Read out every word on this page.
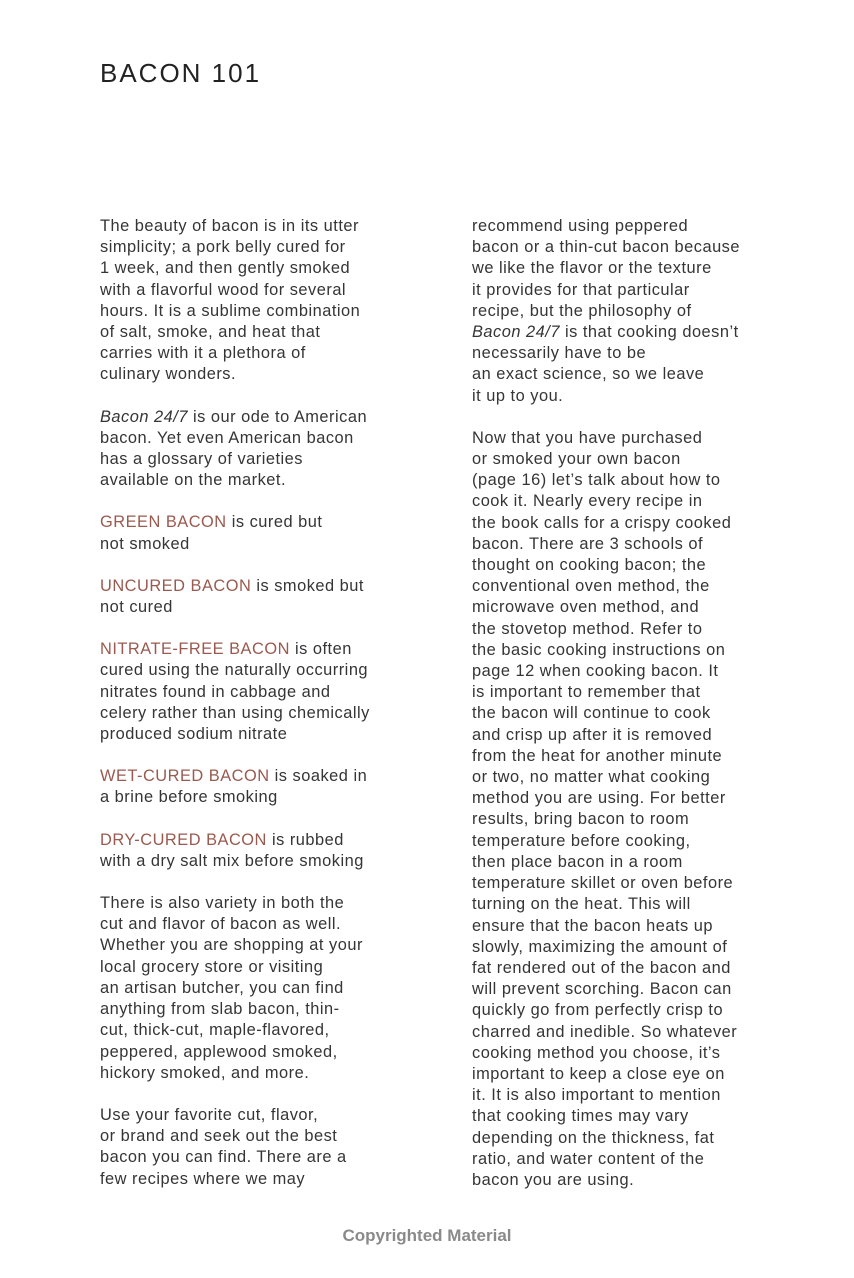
BACON 101

The beauty of bacon is in its utter
simplicity; a pork belly cured for
1 week, and then gently smoked
with a flavorful wood for several
hours. It is a sublime combination
of salt, smoke, and heat that
carries with it a plethora of
culinary wonders.

Bacon 24/7 is our ode to American
bacon. Yet even American bacon
has a glossary of varieties
available on the market.

GREEN BACON is cured but
not smoked

UNCURED BACON is smoked but
not cured

NITRATE-FREE BACON is often
cured using the naturally occurring
nitrates found in cabbage and
celery rather than using chemically
produced sodium nitrate

WET-CURED BACON is soaked in
a brine before smoking

DRY-CURED BACON is rubbed
with a dry salt mix before smoking

There is also variety in both the
cut and flavor of bacon as well.
Whether you are shopping at your
local grocery store or visiting
an artisan butcher, you can find
anything from slab bacon, thin-
cut, thick-cut, maple-flavored,
peppered, applewood smoked,
hickory smoked, and more.

Use your favorite cut, flavor,
or brand and seek out the best
bacon you can find. There are a
few recipes where we may

recommend using peppered
bacon or a thin-cut bacon because
we like the flavor or the texture
it provides for that particular
recipe, but the philosophy of
Bacon 24/7 is that cooking doesn’t
necessarily have to be
an exact science, so we leave
it up to you.

Now that you have purchased
or smoked your own bacon
(page 16) let’s talk about how to
cook it. Nearly every recipe in
the book calls for a crispy cooked
bacon. There are 3 schools of
thought on cooking bacon; the
conventional oven method, the
microwave oven method, and
the stovetop method. Refer to
the basic cooking instructions on
page 12 when cooking bacon. It
is important to remember that
the bacon will continue to cook
and crisp up after it is removed
from the heat for another minute
or two, no matter what cooking
method you are using. For better
results, bring bacon to room
temperature before cooking,
then place bacon in a room
temperature skillet or oven before
turning on the heat. This will
ensure that the bacon heats up
slowly, maximizing the amount of
fat rendered out of the bacon and
will prevent scorching. Bacon can
quickly go from perfectly crisp to
charred and inedible. So whatever
cooking method you choose, it’s
important to keep a close eye on
it. It is also important to mention
that cooking times may vary
depending on the thickness, fat
ratio, and water content of the
bacon you are using.

Copyrighted Material
